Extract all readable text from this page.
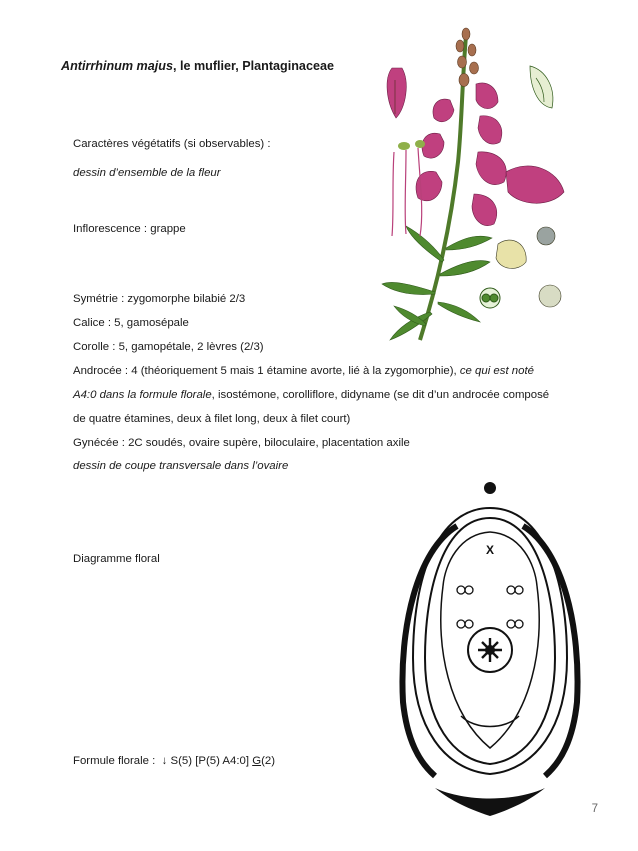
Antirrhinum majus, le muflier, Plantaginaceae
Caractères végétatifs (si observables) :
dessin d’ensemble de la fleur
Inflorescence : grappe
Symétrie : zygomorphe bilabié 2/3
Calice : 5, gamosépale
Corolle : 5, gamopétale, 2 lèvres (2/3)
Androcée : 4 (théoriquement 5 mais 1 étamine avorte, lié à la zygomorphie), ce qui est noté
A4:0 dans la formule florale, isostémone, corolliflore, didyname (se dit d’un androcée composé
de quatre étamines, deux à filet long, deux à filet court)
Gynécée : 2C soudés, ovaire supère, biloculaire, placentation axile
dessin de coupe transversale dans l’ovaire
Diagramme floral
Formule florale : ↓ S(5) [P(5) A4:0] G(2)
X
7
